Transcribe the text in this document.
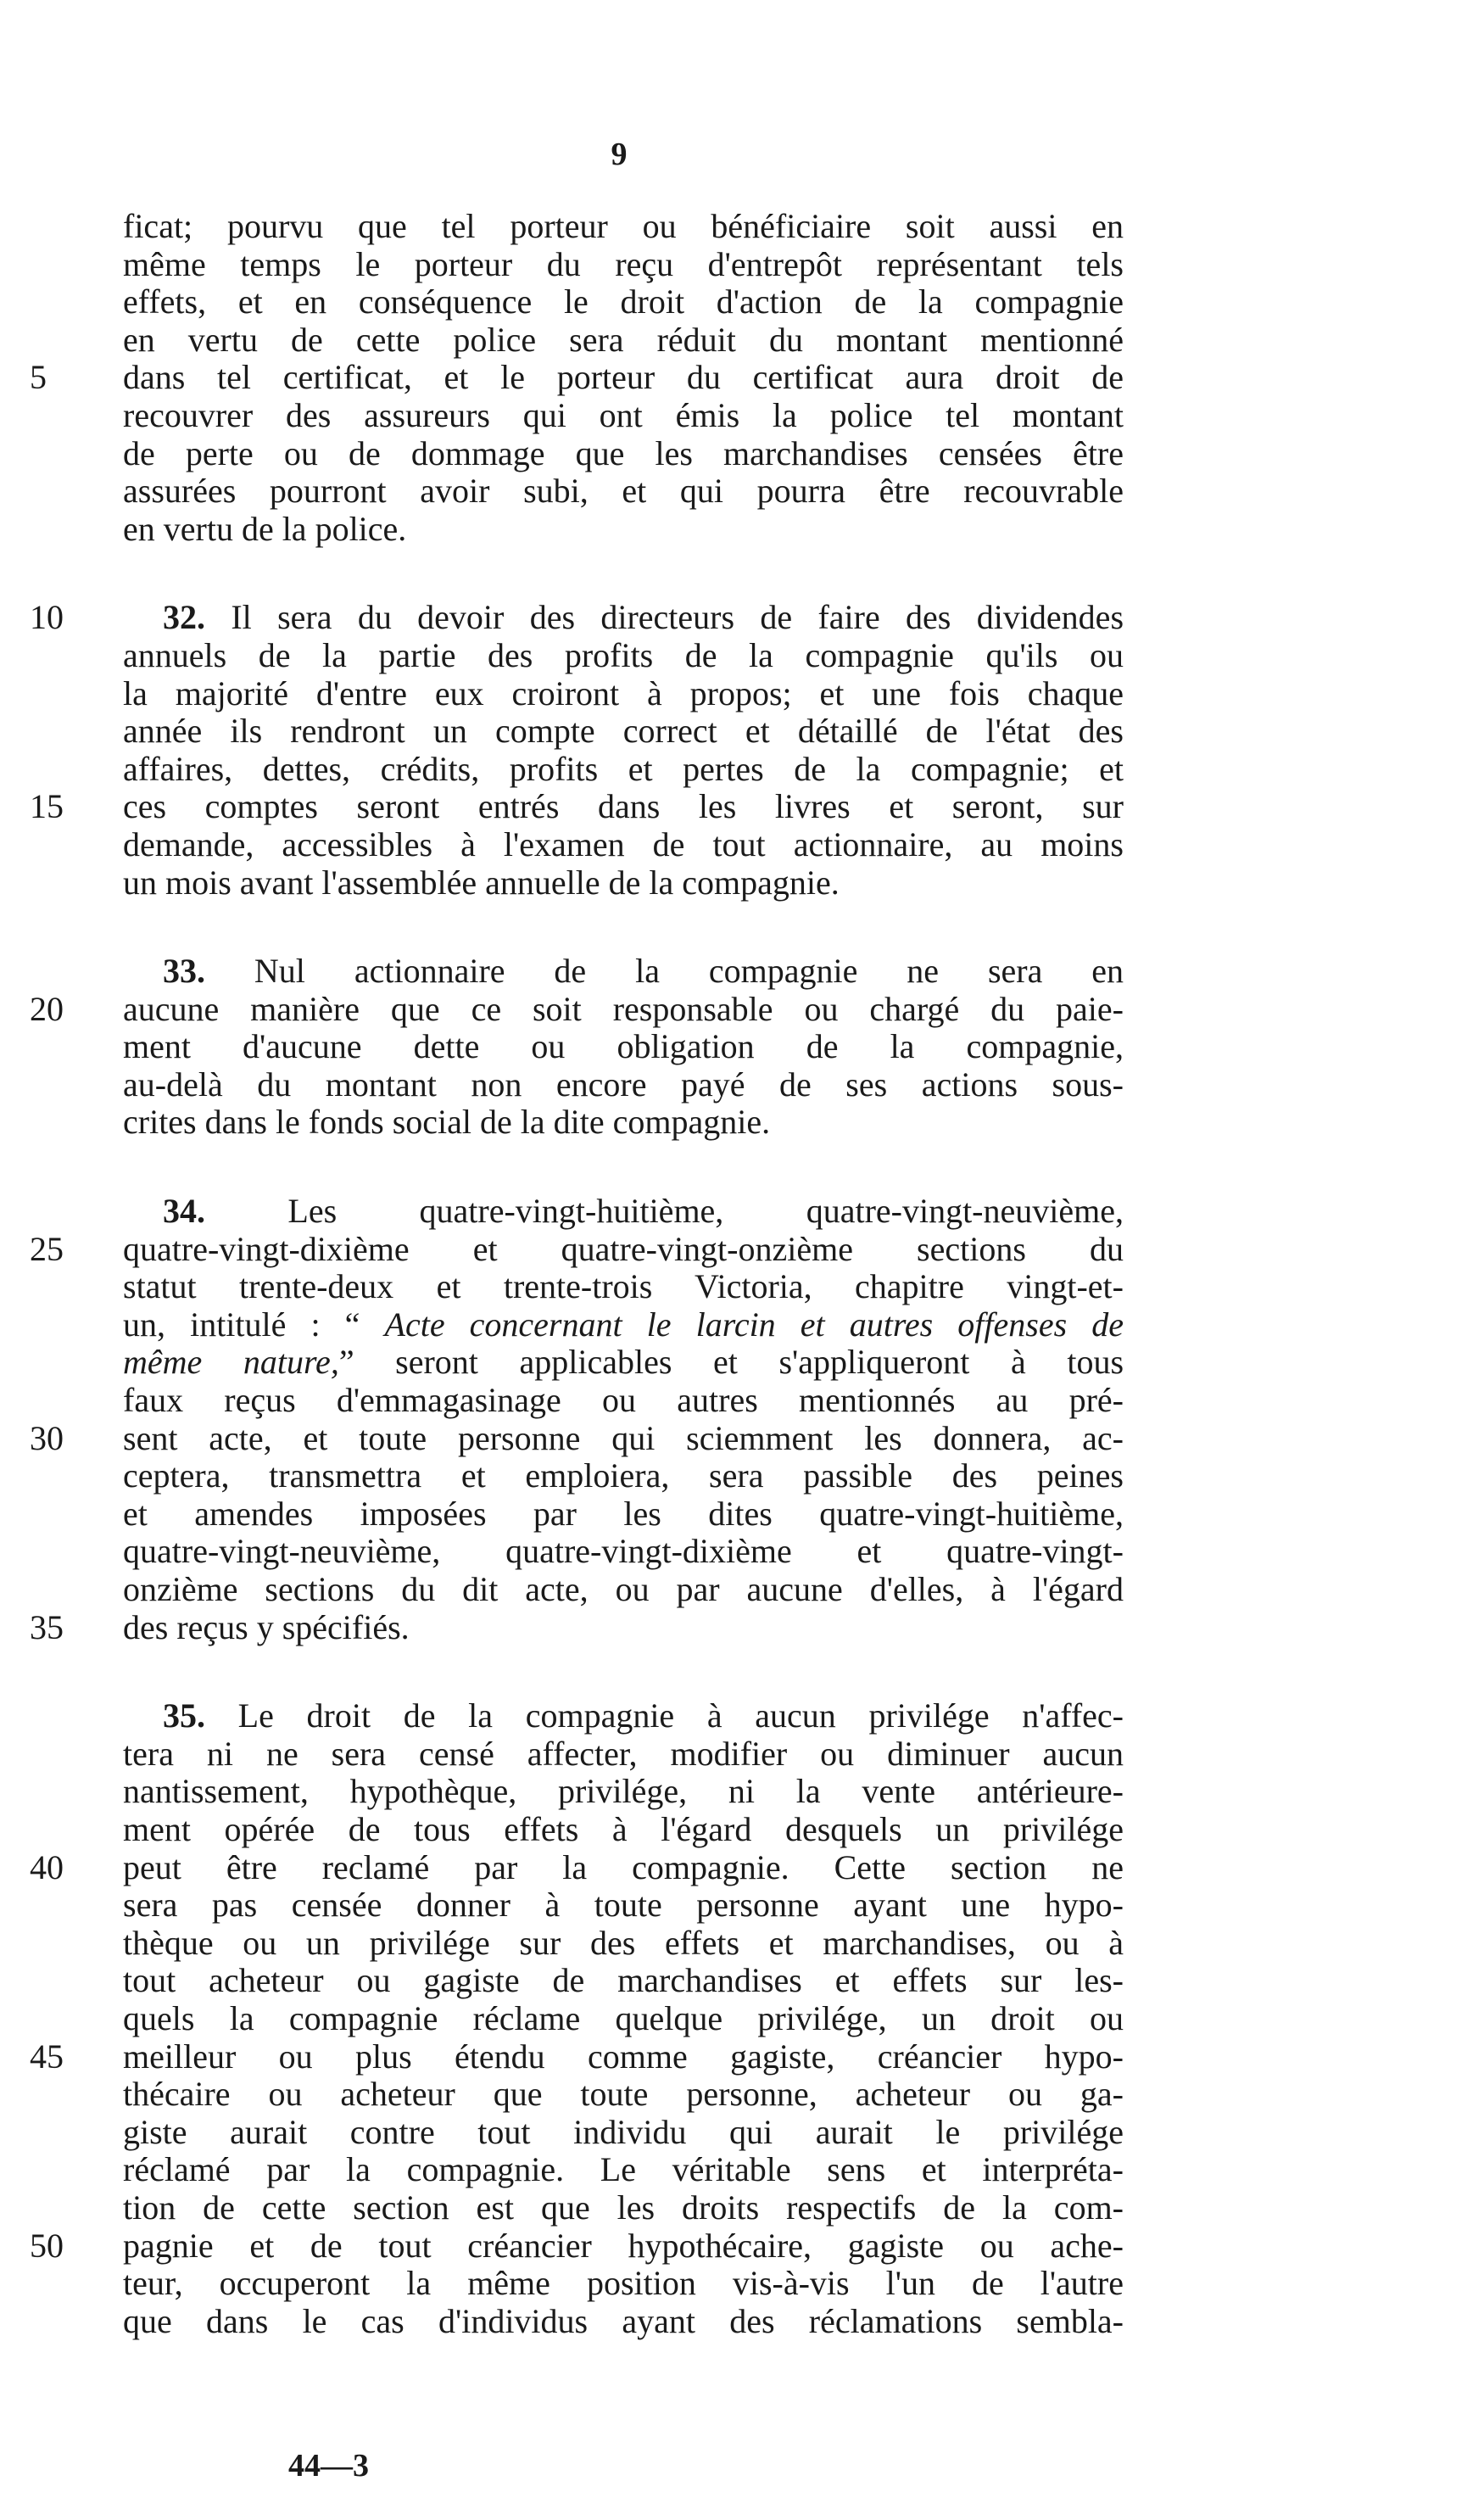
9
ficat; pourvu que tel porteur ou bénéficiaire soit aussi en
même temps le porteur du reçu d'entrepôt représentant tels
effets, et en conséquence le droit d'action de la compagnie
en vertu de cette police sera réduit du montant mentionné
5	dans tel certificat, et le porteur du certificat aura droit de
recouvrer des assureurs qui ont émis la police tel montant
de perte ou de dommage que les marchandises censées être
assurées pourront avoir subi, et qui pourra être recouvrable
en vertu de la police.
10	32. Il sera du devoir des directeurs de faire des dividendes
annuels de la partie des profits de la compagnie qu'ils ou
la majorité d'entre eux croiront à propos; et une fois chaque
année ils rendront un compte correct et détaillé de l'état des
affaires, dettes, crédits, profits et pertes de la compagnie; et
15	ces comptes seront entrés dans les livres et seront, sur
demande, accessibles à l'examen de tout actionnaire, au moins
un mois avant l'assemblée annuelle de la compagnie.
33. Nul actionnaire de la compagnie ne sera en
20	aucune manière que ce soit responsable ou chargé du paie-
ment d'aucune dette ou obligation de la compagnie,
au-delà du montant non encore payé de ses actions sous-
crites dans le fonds social de la dite compagnie.
34. Les quatre-vingt-huitième, quatre-vingt-neuvième,
25	quatre-vingt-dixième et quatre-vingt-onzième sections du
statut trente-deux et trente-trois Victoria, chapitre vingt-et-
un, intitulé : “ Acte concernant le larcin et autres offenses de
même nature,” seront applicables et s'appliqueront à tous
faux reçus d'emmagasinage ou autres mentionnés au pré-
30	sent acte, et toute personne qui sciemment les donnera, ac-
ceptera, transmettra et emploiera, sera passible des peines
et amendes imposées par les dites quatre-vingt-huitième,
quatre-vingt-neuvième, quatre-vingt-dixième et quatre-vingt-
onzième sections du dit acte, ou par aucune d'elles, à l'égard
35	des reçus y spécifiés.
35. Le droit de la compagnie à aucun privilége n'affec-
tera ni ne sera censé affecter, modifier ou diminuer aucun
nantissement, hypothèque, privilége, ni la vente antérieure-
ment opérée de tous effets à l'égard desquels un privilége
40	peut être reclamé par la compagnie. Cette section ne
sera pas censée donner à toute personne ayant une hypo-
thèque ou un privilége sur des effets et marchandises, ou à
tout acheteur ou gagiste de marchandises et effets sur les-
quels la compagnie réclame quelque privilége, un droit ou
45	meilleur ou plus étendu comme gagiste, créancier hypo-
thécaire ou acheteur que toute personne, acheteur ou ga-
giste aurait contre tout individu qui aurait le privilége
réclamé par la compagnie. Le véritable sens et interpréta-
tion de cette section est que les droits respectifs de la com-
50	pagnie et de tout créancier hypothécaire, gagiste ou ache-
teur, occuperont la même position vis-à-vis l'un de l'autre
que dans le cas d'individus ayant des réclamations sembla-
44—3
